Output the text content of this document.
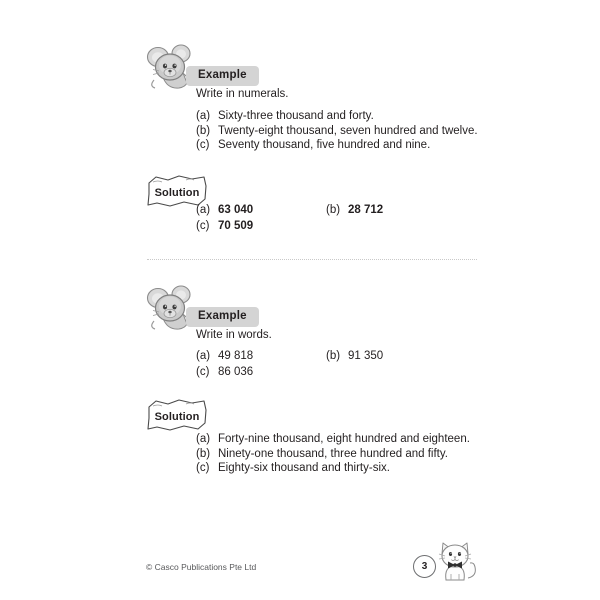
Example
Write in numerals.
(a) Sixty-three thousand and forty.
(b) Twenty-eight thousand, seven hundred and twelve.
(c) Seventy thousand, five hundred and nine.
Solution
(a) 63 040	(b) 28 712
(c) 70 509
Example
Write in words.
(a) 49 818	(b) 91 350
(c) 86 036
Solution
(a) Forty-nine thousand, eight hundred and eighteen.
(b) Ninety-one thousand, three hundred and fifty.
(c) Eighty-six thousand and thirty-six.
© Casco Publications Pte Ltd	3
